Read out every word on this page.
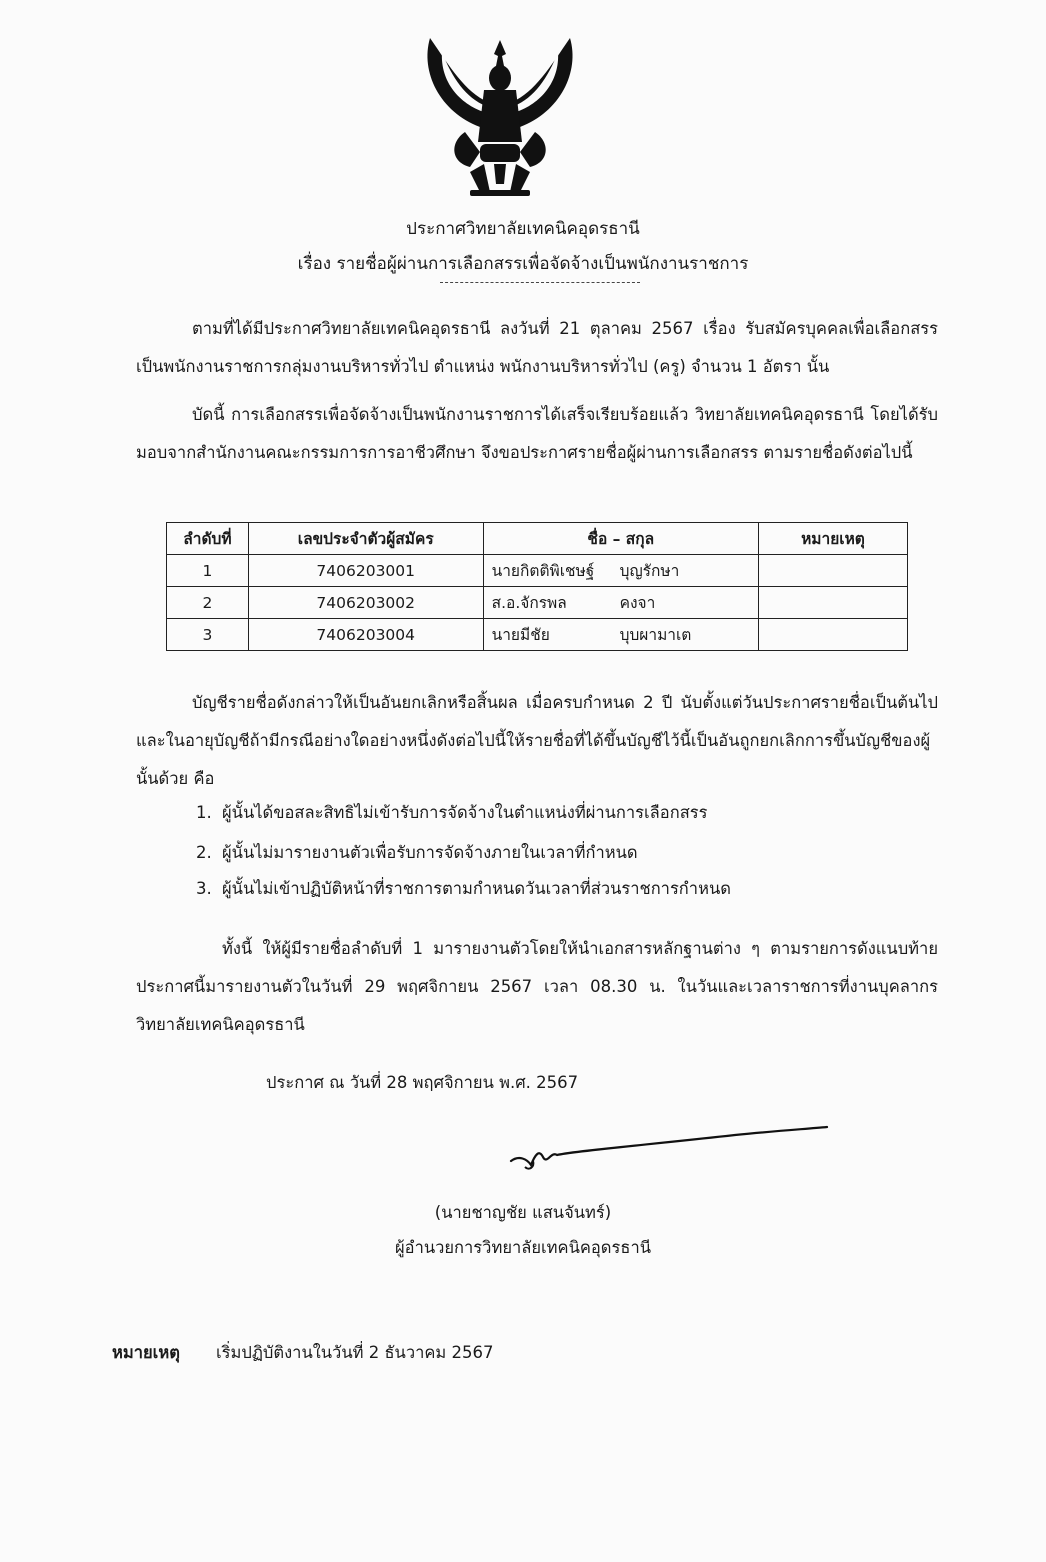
ประกาศวิทยาลัยเทคนิคอุดรธานี
เรื่อง รายชื่อผู้ผ่านการเลือกสรรเพื่อจัดจ้างเป็นพนักงานราชการ
ตามที่ได้มีประกาศวิทยาลัยเทคนิคอุดรธานี ลงวันที่ 21 ตุลาคม 2567 เรื่อง รับสมัครบุคคลเพื่อเลือกสรรเป็นพนักงานราชการกลุ่มงานบริหารทั่วไป ตำแหน่ง พนักงานบริหารทั่วไป (ครู) จำนวน 1 อัตรา นั้น
บัดนี้ การเลือกสรรเพื่อจัดจ้างเป็นพนักงานราชการได้เสร็จเรียบร้อยแล้ว วิทยาลัยเทคนิคอุดรธานี โดยได้รับมอบจากสำนักงานคณะกรรมการการอาชีวศึกษา จึงขอประกาศรายชื่อผู้ผ่านการเลือกสรร ตามรายชื่อดังต่อไปนี้
ลำดับที่	เลขประจำตัวผู้สมัคร	ชื่อ – สกุล	หมายเหตุ
1	7406203001	นายกิตติพิเชษฐ์ บุญรักษา	
2	7406203002	ส.อ.จักรพล คงจา	
3	7406203004	นายมีชัย บุบผามาเต	
บัญชีรายชื่อดังกล่าวให้เป็นอันยกเลิกหรือสิ้นผล เมื่อครบกำหนด 2 ปี นับตั้งแต่วันประกาศรายชื่อเป็นต้นไป และในอายุบัญชีถ้ามีกรณีอย่างใดอย่างหนึ่งดังต่อไปนี้ให้รายชื่อที่ได้ขึ้นบัญชีไว้นี้เป็นอันถูกยกเลิกการขึ้นบัญชีของผู้นั้นด้วย คือ
1. ผู้นั้นได้ขอสละสิทธิไม่เข้ารับการจัดจ้างในตำแหน่งที่ผ่านการเลือกสรร
2. ผู้นั้นไม่มารายงานตัวเพื่อรับการจัดจ้างภายในเวลาที่กำหนด
3. ผู้นั้นไม่เข้าปฏิบัติหน้าที่ราชการตามกำหนดวันเวลาที่ส่วนราชการกำหนด
ทั้งนี้ ให้ผู้มีรายชื่อลำดับที่ 1 มารายงานตัวโดยให้นำเอกสารหลักฐานต่าง ๆ ตามรายการดังแนบท้ายประกาศนี้มารายงานตัวในวันที่ 29 พฤศจิกายน 2567 เวลา 08.30 น. ในวันและเวลาราชการที่งานบุคลากร วิทยาลัยเทคนิคอุดรธานี
ประกาศ ณ วันที่ 28 พฤศจิกายน พ.ศ. 2567
(นายชาญชัย แสนจันทร์)
ผู้อำนวยการวิทยาลัยเทคนิคอุดรธานี
หมายเหตุ เริ่มปฏิบัติงานในวันที่ 2 ธันวาคม 2567
